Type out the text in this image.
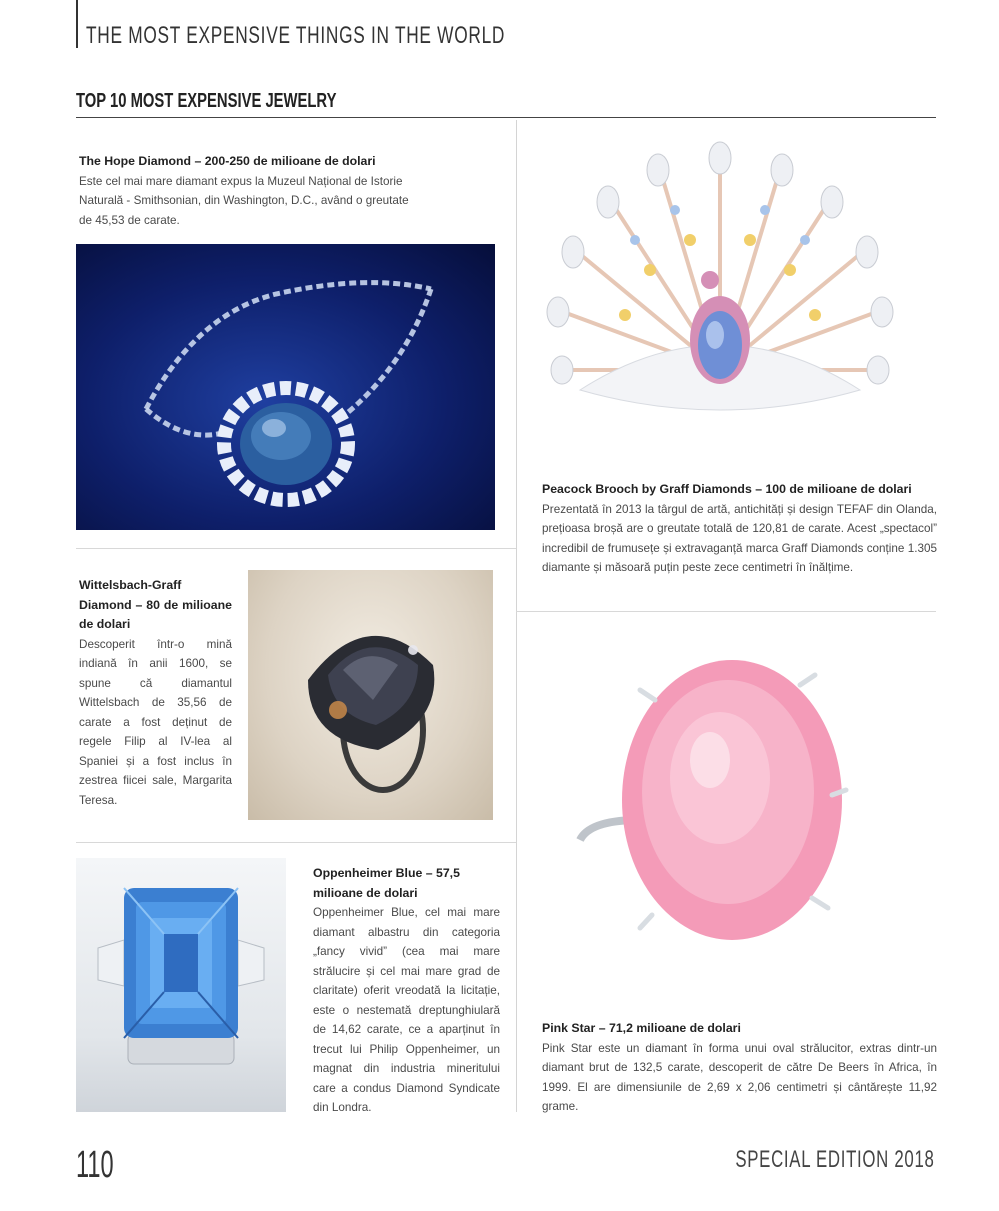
THE MOST EXPENSIVE THINGS IN THE WORLD
TOP 10 MOST EXPENSIVE JEWELRY
The Hope Diamond – 200-250 de milioane de dolari
Este cel mai mare diamant expus la Muzeul Național de Istorie Naturală - Smithsonian, din Washington, D.C., având o greutate de 45,53 de carate.
Peacock Brooch by Graff Diamonds – 100 de milioane de dolari
Prezentată în 2013 la târgul de artă, antichități și design TEFAF din Olanda, prețioasa broșă are o greutate totală de 120,81 de carate. Acest „spectacol” incredibil de frumusețe și extravaganță marca Graff Diamonds conține 1.305 diamante și măsoară puțin peste zece centimetri în înălțime.
Wittelsbach-Graff Diamond – 80 de milioane de dolari
Descoperit într-o mină indiană în anii 1600, se spune că diamantul Wittelsbach de 35,56 de carate a fost deținut de regele Filip al IV-lea al Spaniei și a fost inclus în zestrea fiicei sale, Margarita Teresa.
Oppenheimer Blue – 57,5 milioane de dolari
Oppenheimer Blue, cel mai mare diamant albastru din categoria „fancy vivid” (cea mai mare strălucire și cel mai mare grad de claritate) oferit vreodată la licitație, este o nestemată dreptunghiulară de 14,62 carate, ce a aparținut în trecut lui Philip Oppenheimer, un magnat din industria mineritului care a condus Diamond Syndicate din Londra.
Pink Star – 71,2 milioane de dolari
Pink Star este un diamant în forma unui oval strălucitor, extras dintr-un diamant brut de 132,5 carate, descoperit de către De Beers în Africa, în 1999. El are dimensiunile de 2,69 x 2,06 centimetri și cântărește 11,92 grame.
110	SPECIAL EDITION 2018
